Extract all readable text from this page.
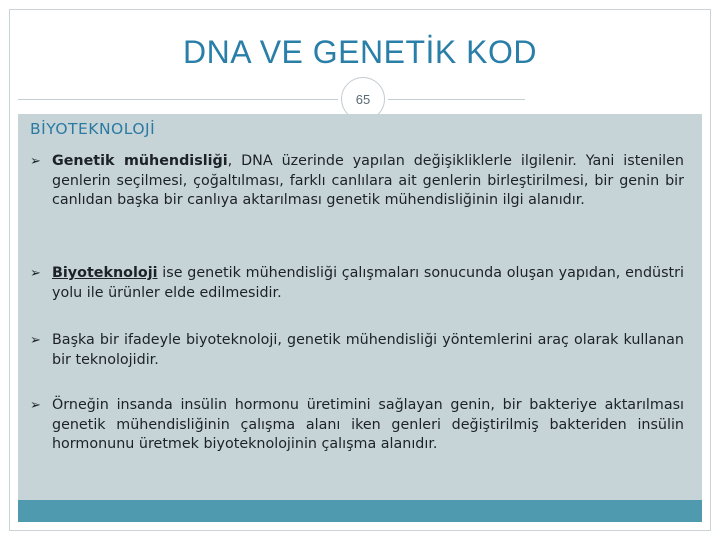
DNA VE GENETİK KOD
65
BİYOTEKNOLOJİ
➢ Genetik mühendisliği, DNA üzerinde yapılan değişikliklerle ilgilenir. Yani istenilen genlerin seçilmesi, çoğaltılması, farklı canlılara ait genlerin birleştirilmesi, bir genin bir canlıdan başka bir canlıya aktarılması genetik mühendisliğinin ilgi alanıdır.
➢ Biyoteknoloji ise genetik mühendisliği çalışmaları sonucunda oluşan yapıdan, endüstri yolu ile ürünler elde edilmesidir.
➢ Başka bir ifadeyle biyoteknoloji, genetik mühendisliği yöntemlerini araç olarak kullanan bir teknolojidir.
➢ Örneğin insanda insülin hormonu üretimini sağlayan genin, bir bakteriye aktarılması genetik mühendisliğinin çalışma alanı iken genleri değiştirilmiş bakteriden insülin hormonunu üretmek biyoteknolojinin çalışma alanıdır.
